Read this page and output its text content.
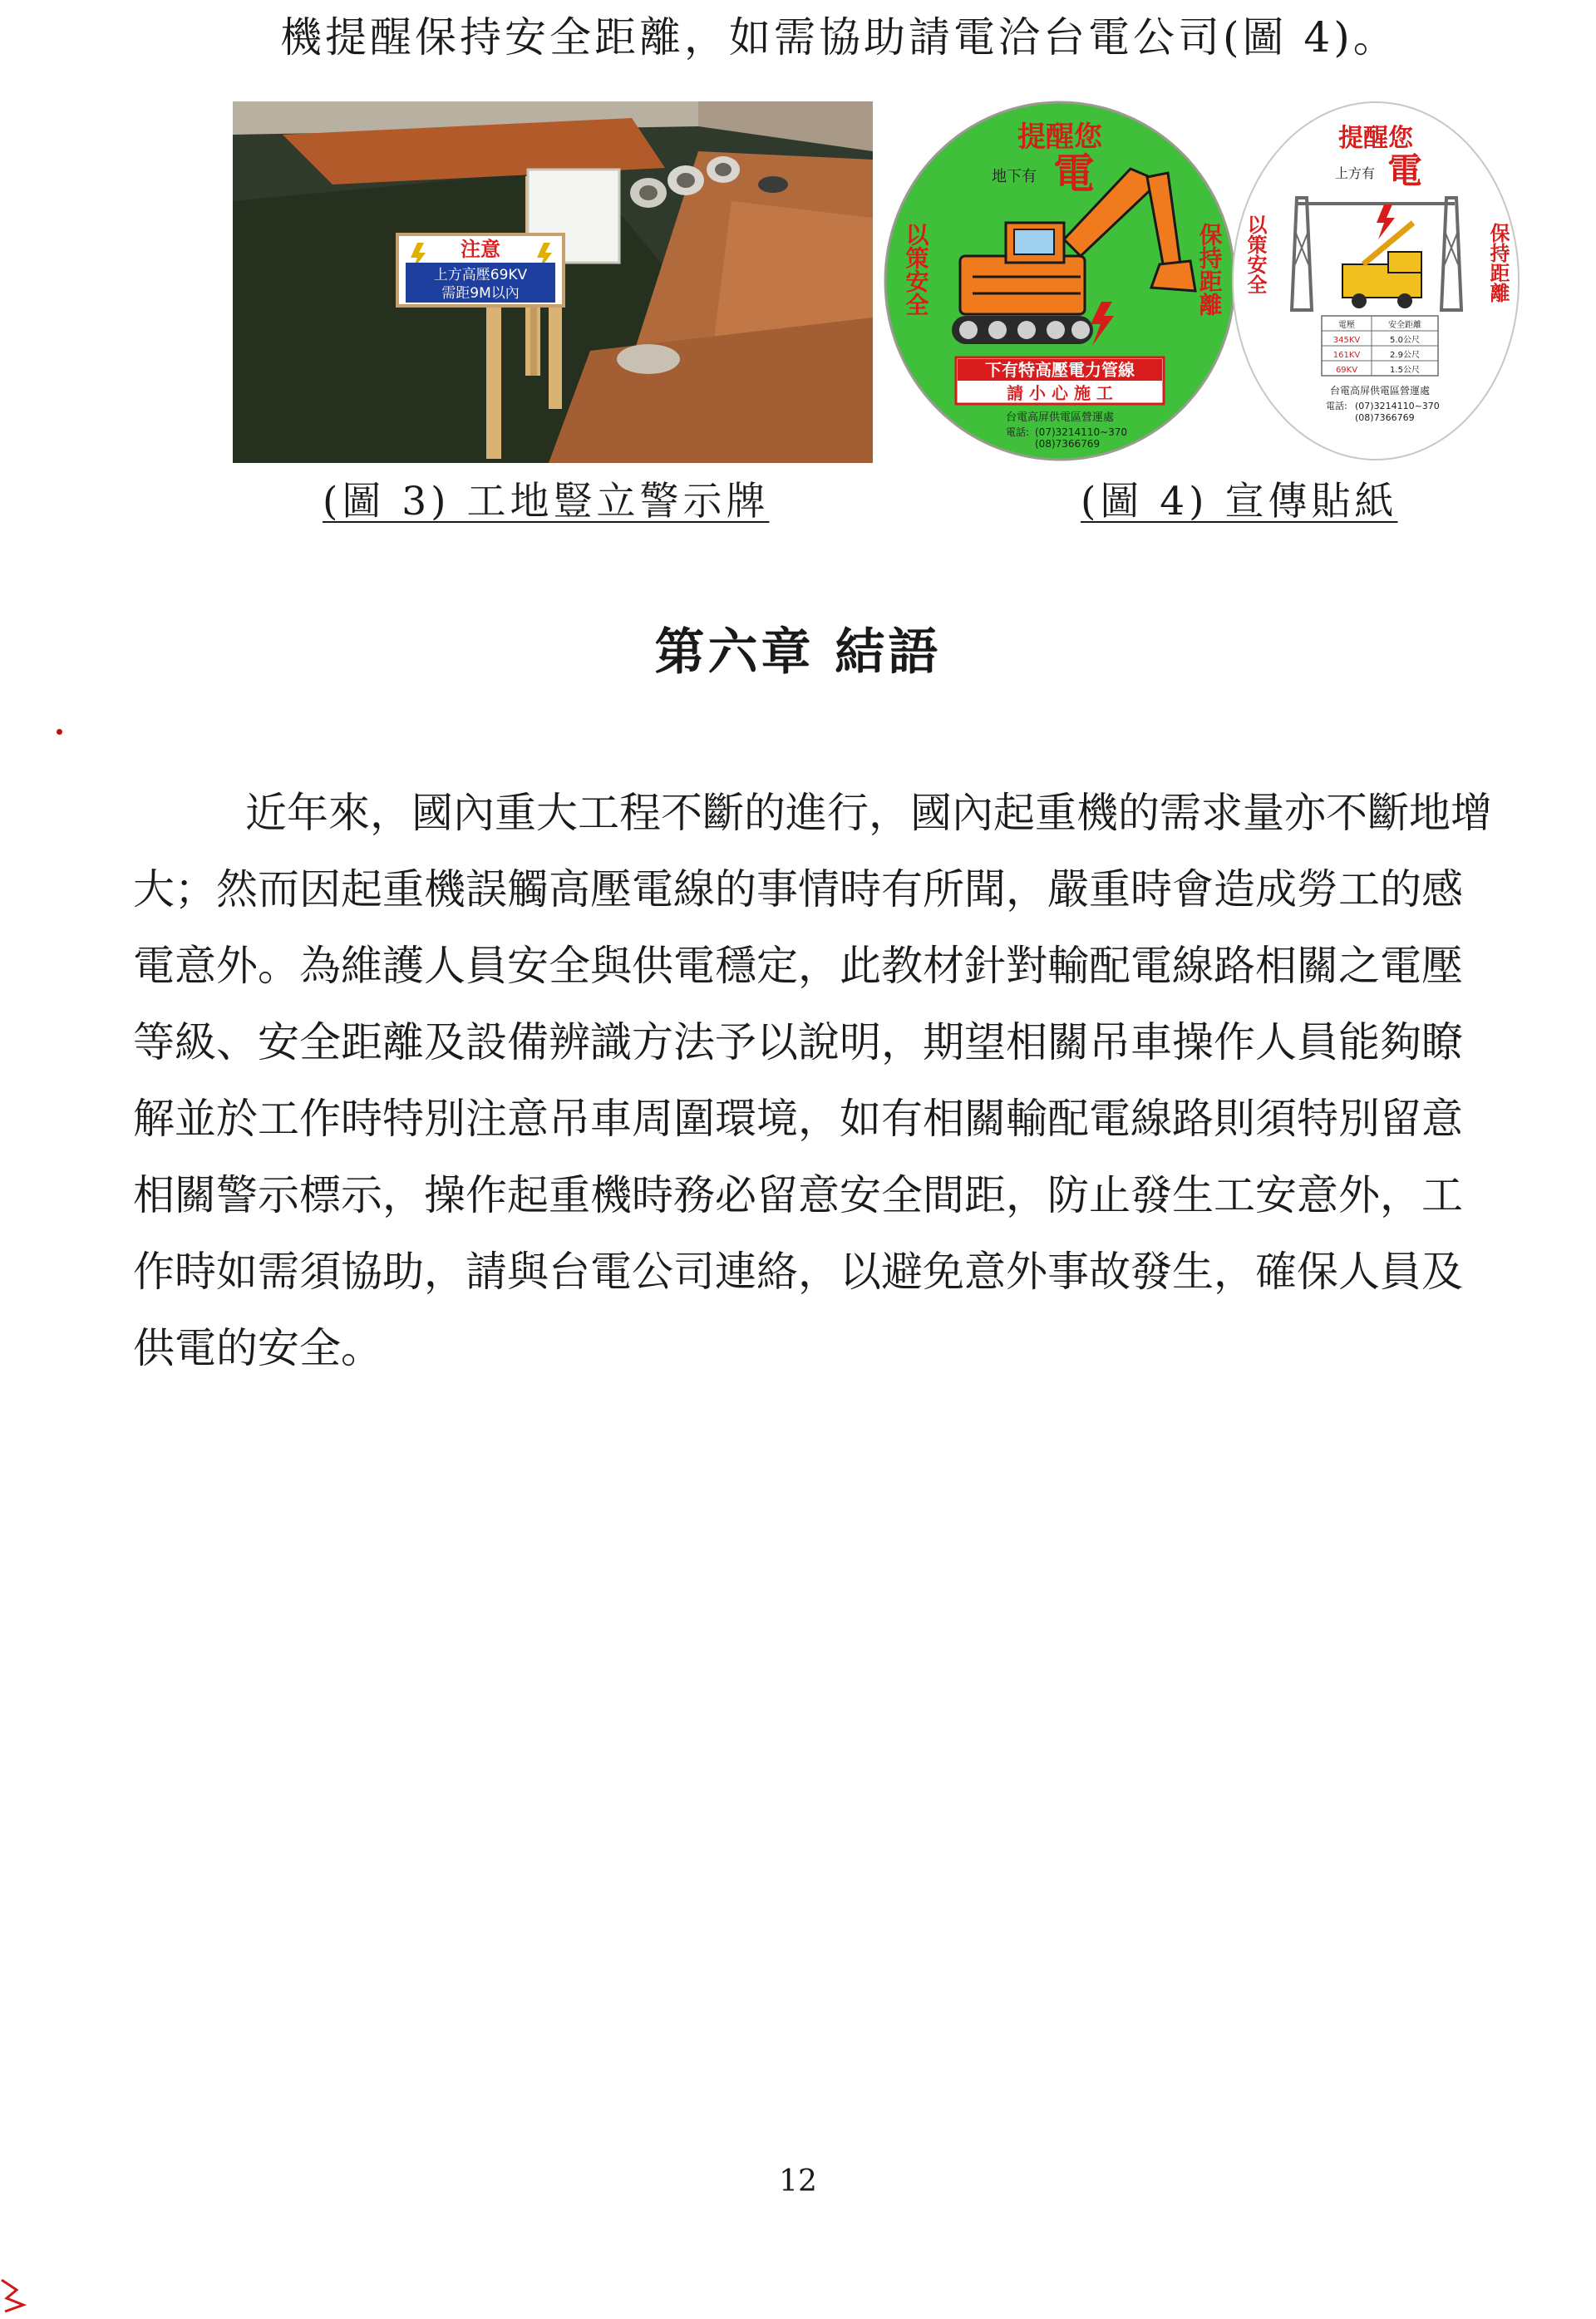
機提醒保持安全距離，如需協助請電洽台電公司(圖 4)。
注意
上方高壓69KV
需距9M以內
提醒您
地下有 電
以策安全	保持距離
下有特高壓電力管線
請 小 心 施 工
台電高屏供電區營運處
電話: (07)3214110~370
(08)7366769
提醒您
上方有 電
以策安全	保持距離
電壓	安全距離
345KV	5.0公尺
161KV	2.9公尺
69KV	1.5公尺
台電高屏供電區營運處
電話: (07)3214110~370
(08)7366769
(圖 3) 工地豎立警示牌	(圖 4) 宣傳貼紙
第六章 結語
近年來，國內重大工程不斷的進行，國內起重機的需求量亦不斷地增
大；然而因起重機誤觸高壓電線的事情時有所聞，嚴重時會造成勞工的感
電意外。為維護人員安全與供電穩定，此教材針對輸配電線路相關之電壓
等級、安全距離及設備辨識方法予以說明，期望相關吊車操作人員能夠瞭
解並於工作時特別注意吊車周圍環境，如有相關輸配電線路則須特別留意
相關警示標示，操作起重機時務必留意安全間距，防止發生工安意外，工
作時如需須協助，請與台電公司連絡，以避免意外事故發生，確保人員及
供電的安全。
12
